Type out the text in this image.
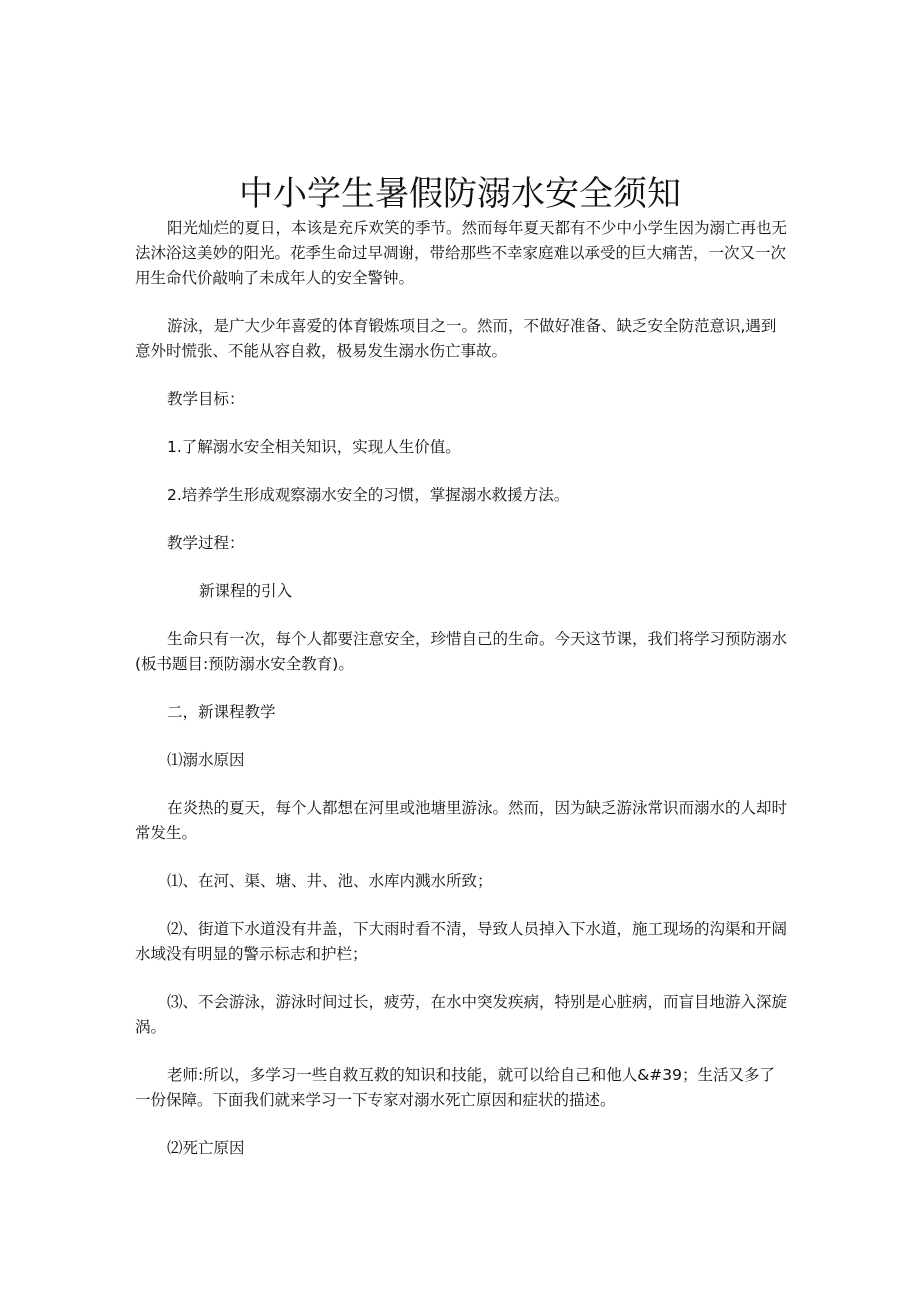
中小学生暑假防溺水安全须知

阳光灿烂的夏日，本该是充斥欢笑的季节。然而每年夏天都有不少中小学生因为溺亡再也无法沐浴这美妙的阳光。花季生命过早凋谢，带给那些不幸家庭难以承受的巨大痛苦，一次又一次用生命代价敲响了未成年人的安全警钟。

游泳，是广大少年喜爱的体育锻炼项目之一。然而，不做好准备、缺乏安全防范意识,遇到意外时慌张、不能从容自救，极易发生溺水伤亡事故。

教学目标：

1.了解溺水安全相关知识，实现人生价值。

2.培养学生形成观察溺水安全的习惯，掌握溺水救援方法。

教学过程：

新课程的引入

生命只有一次，每个人都要注意安全，珍惜自己的生命。今天这节课，我们将学习预防溺水(板书题目:预防溺水安全教育)。

二，新课程教学

⑴溺水原因

在炎热的夏天，每个人都想在河里或池塘里游泳。然而，因为缺乏游泳常识而溺水的人却时常发生。

⑴、在河、渠、塘、井、池、水库内溅水所致；

⑵、街道下水道没有井盖，下大雨时看不清，导致人员掉入下水道，施工现场的沟渠和开阔水域没有明显的警示标志和护栏；

⑶、不会游泳，游泳时间过长，疲劳，在水中突发疾病，特别是心脏病，而盲目地游入深旋涡。

老师:所以，多学习一些自救互救的知识和技能，就可以给自己和他人&#39；生活又多了一份保障。下面我们就来学习一下专家对溺水死亡原因和症状的描述。

⑵死亡原因
